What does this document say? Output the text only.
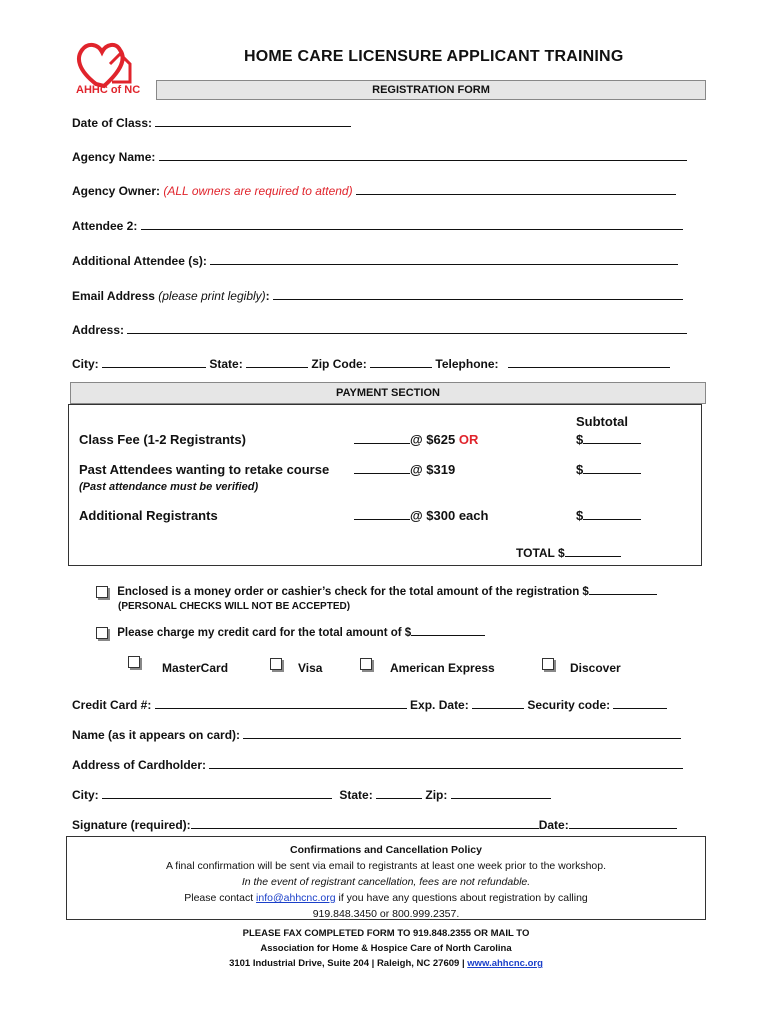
AHHC of NC
HOME CARE LICENSURE APPLICANT TRAINING
REGISTRATION FORM
Date of Class:
Agency Name:
Agency Owner: (ALL owners are required to attend)
Attendee 2:
Additional Attendee (s):
Email Address (please print legibly):
Address:
City:	State:	Zip Code:	Telephone:
PAYMENT SECTION
Subtotal
Class Fee (1-2 Registrants)	@ $625 OR	$
Past Attendees wanting to retake course
(Past attendance must be verified)
@ $319	$
Additional Registrants	@ $300 each	$
TOTAL $
Enclosed is a money order or cashier’s check for the total amount of the registration $
(PERSONAL CHECKS WILL NOT BE ACCEPTED)
Please charge my credit card for the total amount of $
MasterCard	Visa	American Express	Discover
Credit Card #:	Exp. Date:	Security code:
Name (as it appears on card):
Address of Cardholder:
City:	State:	Zip:
Signature (required):	Date:
Confirmations and Cancellation Policy
A final confirmation will be sent via email to registrants at least one week prior to the workshop.
In the event of registrant cancellation, fees are not refundable.
Please contact info@ahhcnc.org if you have any questions about registration by calling
919.848.3450 or 800.999.2357.
PLEASE FAX COMPLETED FORM TO 919.848.2355 OR MAIL TO
Association for Home & Hospice Care of North Carolina
3101 Industrial Drive, Suite 204 | Raleigh, NC 27609 | www.ahhcnc.org
